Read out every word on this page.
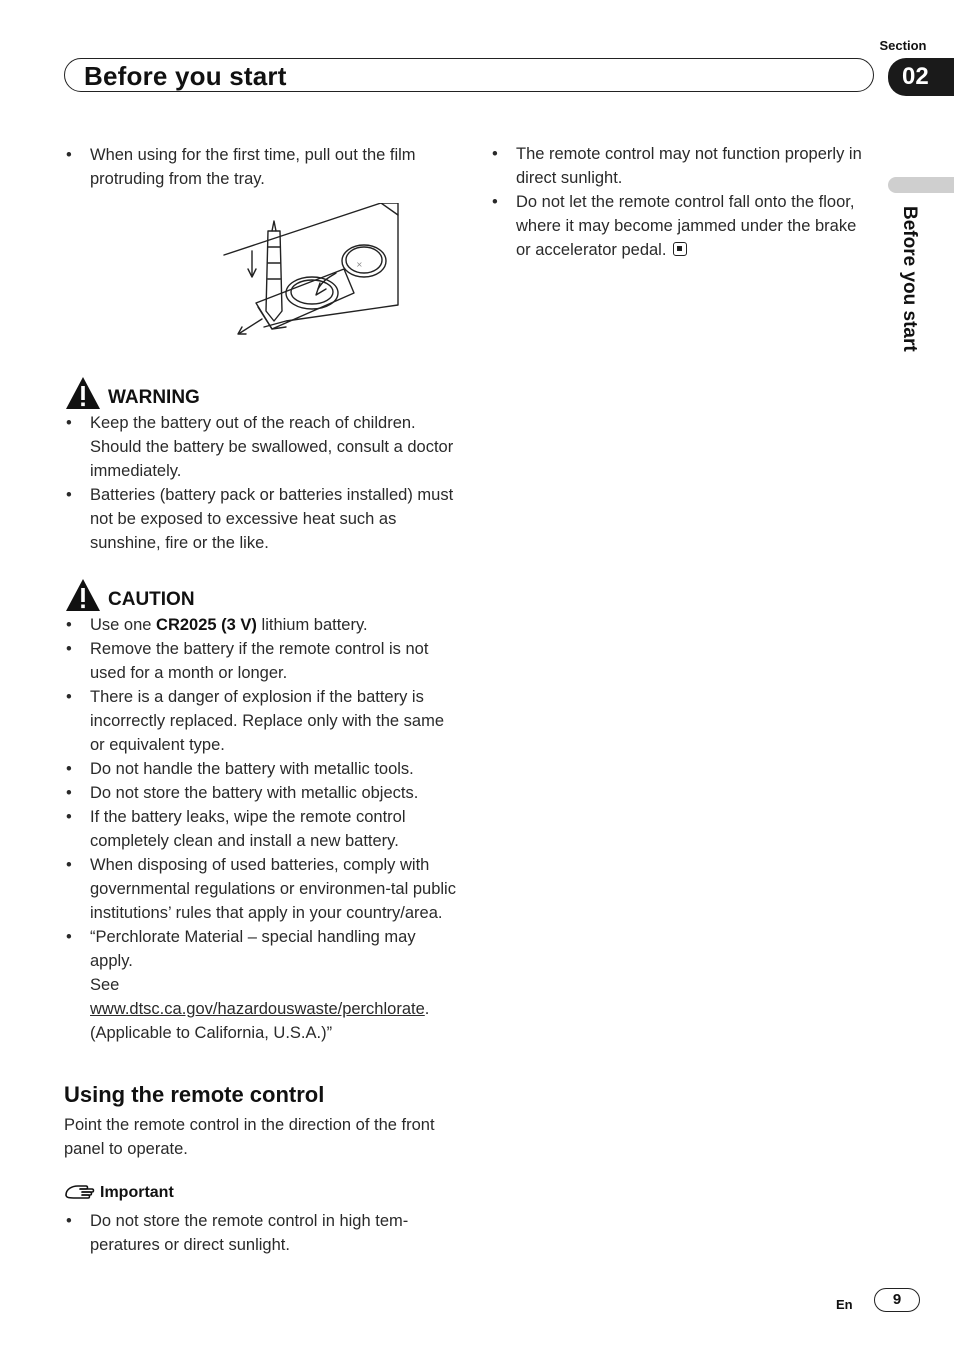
Before you start
Section
02
Before you start
• When using for the first time, pull out the film protruding from the tray.
×
WARNING
• Keep the battery out of the reach of children. Should the battery be swallowed, consult a doctor immediately.
• Batteries (battery pack or batteries installed) must not be exposed to excessive heat such as sunshine, fire or the like.
CAUTION
• Use one CR2025 (3 V) lithium battery.
• Remove the battery if the remote control is not used for a month or longer.
• There is a danger of explosion if the battery is incorrectly replaced. Replace only with the same or equivalent type.
• Do not handle the battery with metallic tools.
• Do not store the battery with metallic objects.
• If the battery leaks, wipe the remote control completely clean and install a new battery.
• When disposing of used batteries, comply with governmental regulations or environmen-tal public institutions’ rules that apply in your country/area.
• “Perchlorate Material – special handling may apply.
See www.dtsc.ca.gov/hazardouswaste/perchlorate. (Applicable to California, U.S.A.)”
Using the remote control
Point the remote control in the direction of the front panel to operate.
Important
• Do not store the remote control in high tem-peratures or direct sunlight.
• The remote control may not function properly in direct sunlight.
• Do not let the remote control fall onto the floor, where it may become jammed under the brake or accelerator pedal.
En	9
